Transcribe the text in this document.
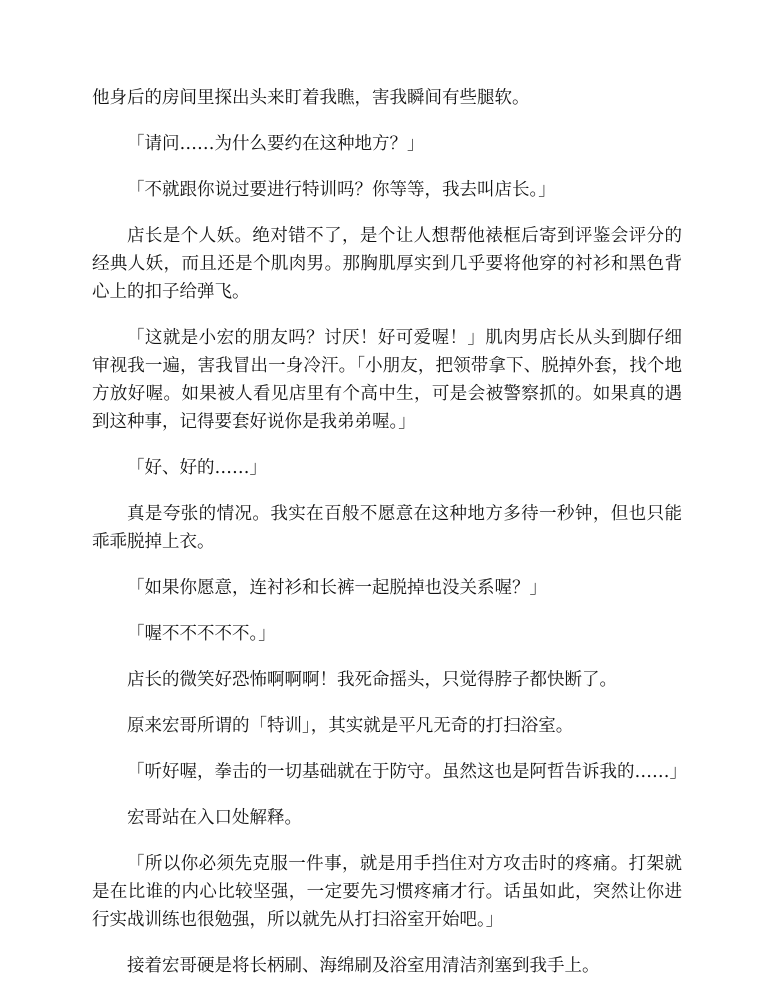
他身后的房间里探出头来盯着我瞧，害我瞬间有些腿软。

「请问……为什么要约在这种地方？」

「不就跟你说过要进行特训吗？你等等，我去叫店长。」

店长是个人妖。绝对错不了，是个让人想帮他裱框后寄到评鉴会评分的经典人妖，而且还是个肌肉男。那胸肌厚实到几乎要将他穿的衬衫和黑色背心上的扣子给弹飞。

「这就是小宏的朋友吗？讨厌！好可爱喔！」肌肉男店长从头到脚仔细审视我一遍，害我冒出一身冷汗。「小朋友，把领带拿下、脱掉外套，找个地方放好喔。如果被人看见店里有个高中生，可是会被警察抓的。如果真的遇到这种事，记得要套好说你是我弟弟喔。」

「好、好的……」

真是夸张的情况。我实在百般不愿意在这种地方多待一秒钟，但也只能乖乖脱掉上衣。

「如果你愿意，连衬衫和长裤一起脱掉也没关系喔？」

「喔不不不不不。」

店长的微笑好恐怖啊啊啊！我死命摇头，只觉得脖子都快断了。

原来宏哥所谓的「特训」，其实就是平凡无奇的打扫浴室。

「听好喔，拳击的一切基础就在于防守。虽然这也是阿哲告诉我的……」

宏哥站在入口处解释。

「所以你必须先克服一件事，就是用手挡住对方攻击时的疼痛。打架就是在比谁的内心比较坚强，一定要先习惯疼痛才行。话虽如此，突然让你进行实战训练也很勉强，所以就先从打扫浴室开始吧。」

接着宏哥硬是将长柄刷、海绵刷及浴室用清洁剂塞到我手上。
